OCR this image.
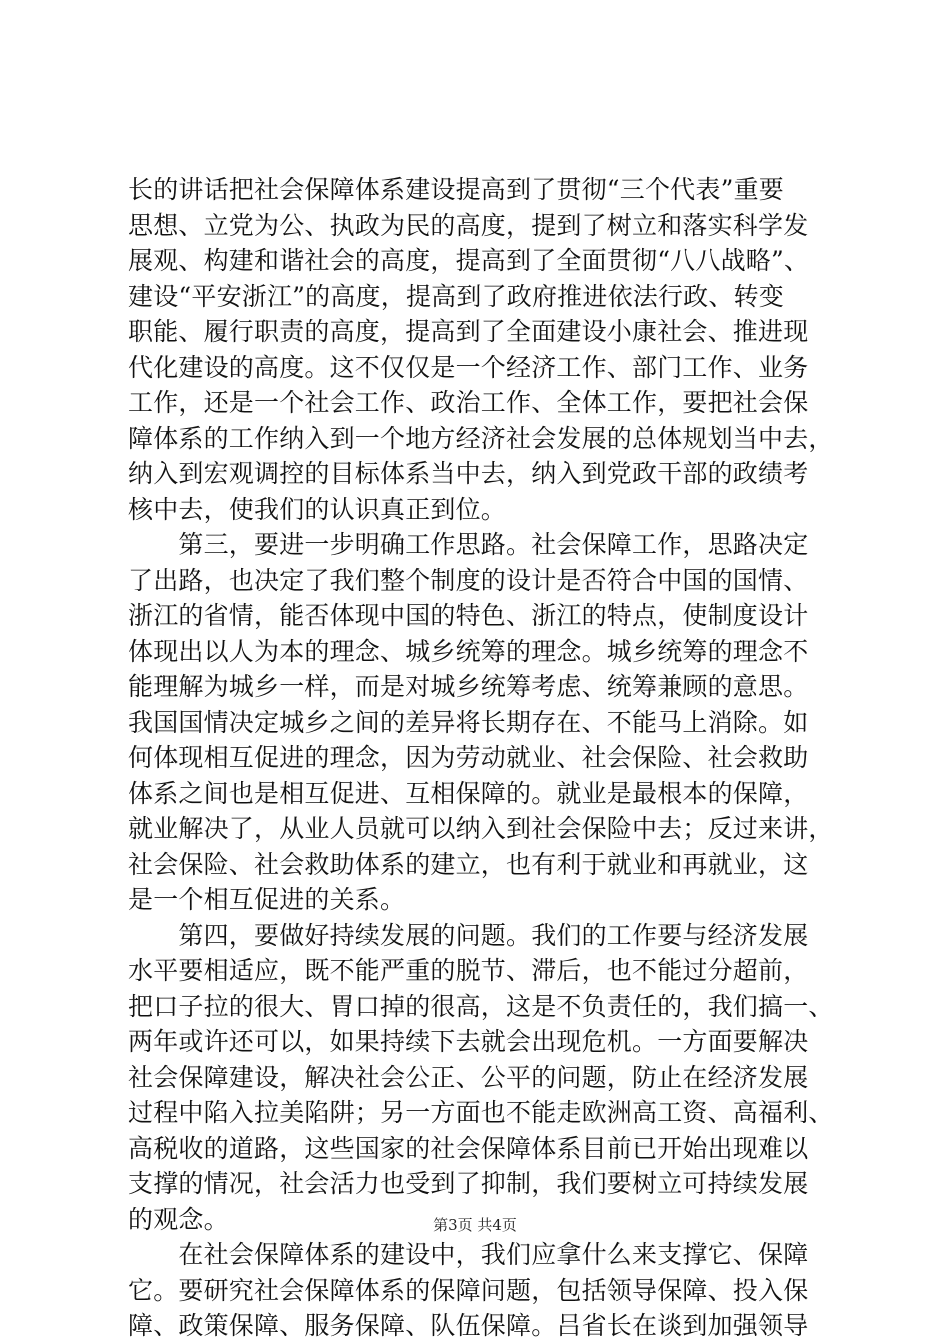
长的讲话把社会保障体系建设提高到了贯彻“三个代表”重要
思想、立党为公、执政为民的高度，提到了树立和落实科学发
展观、构建和谐社会的高度，提高到了全面贯彻“八八战略”、
建设“平安浙江”的高度，提高到了政府推进依法行政、转变
职能、履行职责的高度，提高到了全面建设小康社会、推进现
代化建设的高度。这不仅仅是一个经济工作、部门工作、业务
工作，还是一个社会工作、政治工作、全体工作，要把社会保
障体系的工作纳入到一个地方经济社会发展的总体规划当中去，
纳入到宏观调控的目标体系当中去，纳入到党政干部的政绩考
核中去，使我们的认识真正到位。
　　第三，要进一步明确工作思路。社会保障工作，思路决定
了出路，也决定了我们整个制度的设计是否符合中国的国情、
浙江的省情，能否体现中国的特色、浙江的特点，使制度设计
体现出以人为本的理念、城乡统筹的理念。城乡统筹的理念不
能理解为城乡一样，而是对城乡统筹考虑、统筹兼顾的意思。
我国国情决定城乡之间的差异将长期存在、不能马上消除。如
何体现相互促进的理念，因为劳动就业、社会保险、社会救助
体系之间也是相互促进、互相保障的。就业是最根本的保障，
就业解决了，从业人员就可以纳入到社会保险中去；反过来讲，
社会保险、社会救助体系的建立，也有利于就业和再就业，这
是一个相互促进的关系。
　　第四，要做好持续发展的问题。我们的工作要与经济发展
水平要相适应，既不能严重的脱节、滞后，也不能过分超前，
把口子拉的很大、胃口掉的很高，这是不负责任的，我们搞一、
两年或许还可以，如果持续下去就会出现危机。一方面要解决
社会保障建设，解决社会公正、公平的问题，防止在经济发展
过程中陷入拉美陷阱；另一方面也不能走欧洲高工资、高福利、
高税收的道路，这些国家的社会保障体系目前已开始出现难以
支撑的情况，社会活力也受到了抑制，我们要树立可持续发展
的观念。
　　在社会保障体系的建设中，我们应拿什么来支撑它、保障
它。要研究社会保障体系的保障问题，包括领导保障、投入保
障、政策保障、服务保障、队伍保障。吕省长在谈到加强领导
第3页 共4页
